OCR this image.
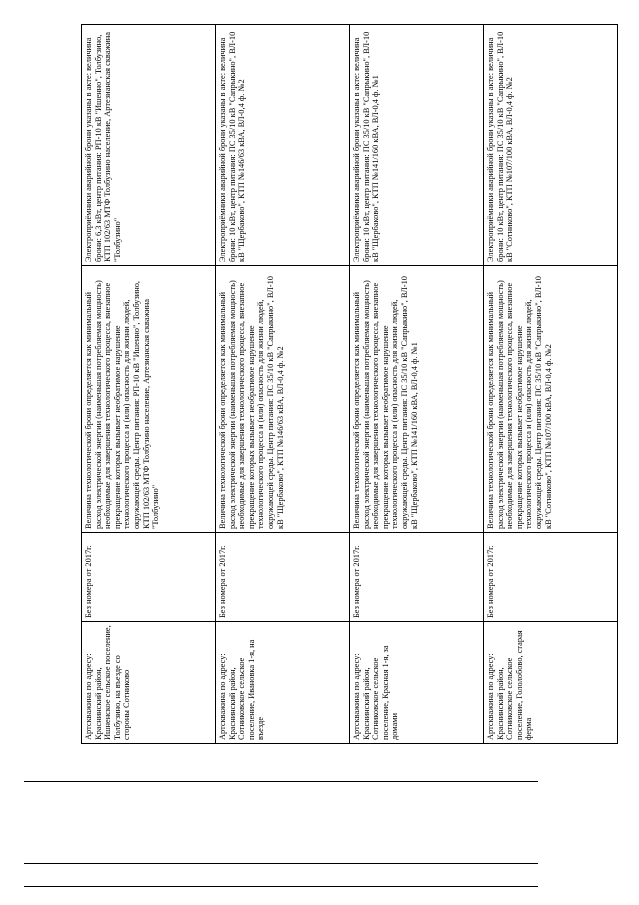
Артскважина по адресу: Краснинский район, Ишненское сельское поселение, Толбузино, на въезде со стороны Сотниково
Без номера от 2017г.
Величина технологической брони определяется как минимальный расход электрической энергии (наименьшая потребляемая мощность) необходимые для завершения технологического процесса, внезапное прекращение которых вызывает необратимое нарушение технологического процесса и (или) опасность для жизни людей, окружающей среды. Центр питания: РП-10 кВ "Ишенно", Толбузино, КТП 102/63 МТФ Толбузино население, Артезианская скважина "Толбузино"
Электроприёмники аварийной брони указаны в акте: величина брони: 6,3 кВт, центр питания: РП-10 кВ "Ишенно", Толбузино, КТП 102/63 МТФ Толбузино население, Артезианская скважина "Толбузино"
Артскважина по адресу: Краснинский район, Сотниковское сельское поселение, Ивановка 1-я, на въезде
Без номера от 2017г.
Величина технологической брони определяется как минимальный расход электрической энергии (наименьшая потребляемая мощность) необходимые для завершения технологического процесса, внезапное прекращение которых вызывает необратимое нарушение технологического процесса и (или) опасность для жизни людей, окружающей среды. Центр питания: ПС 35/10 кВ "Сапрыкино", ВЛ-10 кВ "Щербаково", КТП №146/63 кВА, ВЛ-0,4 ф. №2
Электроприёмники аварийной брони указаны в акте: величина брони: 10 кВт, центр питания: ПС 35/10 кВ "Сапрыкино", ВЛ-10 кВ "Щербаково", КТП №146/63 кВА, ВЛ-0,4 ф. №2
Артскважина по адресу: Краснинский район, Сотниковское сельское поселение, Красная 1-я, за домами
Без номера от 2017г.
Величина технологической брони определяется как минимальный расход электрической энергии (наименьшая потребляемая мощность) необходимые для завершения технологического процесса, внезапное прекращение которых вызывает необратимое нарушение технологического процесса и (или) опасность для жизни людей, окружающей среды. Центр питания: ПС 35/10 кВ "Сапрыкино", ВЛ-10 кВ "Щербаково", КТП №141/160 кВА, ВЛ-0,4 ф. №1
Электроприёмники аварийной брони указаны в акте: величина брони: 10 кВт, центр питания: ПС 35/10 кВ "Сапрыкино", ВЛ-10 кВ "Щербаково", КТП №141/160 кВА, ВЛ-0,4 ф. №1
Артскважина по адресу: Краснинский район, Сотниковское сельское поселение, Гололобово, старая ферма
Без номера от 2017г.
Величина технологической брони определяется как минимальный расход электрической энергии (наименьшая потребляемая мощность) необходимые для завершения технологического процесса, внезапное прекращение которых вызывает необратимое нарушение технологического процесса и (или) опасность для жизни людей, окружающей среды. Центр питания: ПС 35/10 кВ "Сапрыкино", ВЛ-10 кВ "Сотниково", КТП №107/100 кВА, ВЛ-0,4 ф. №2
Электроприёмники аварийной брони указаны в акте: величина брони: 10 кВт, центр питания: ПС 35/10 кВ "Сапрыкино", ВЛ-10 кВ "Сотниково", КТП №107/100 кВА, ВЛ-0,4 ф. №2
